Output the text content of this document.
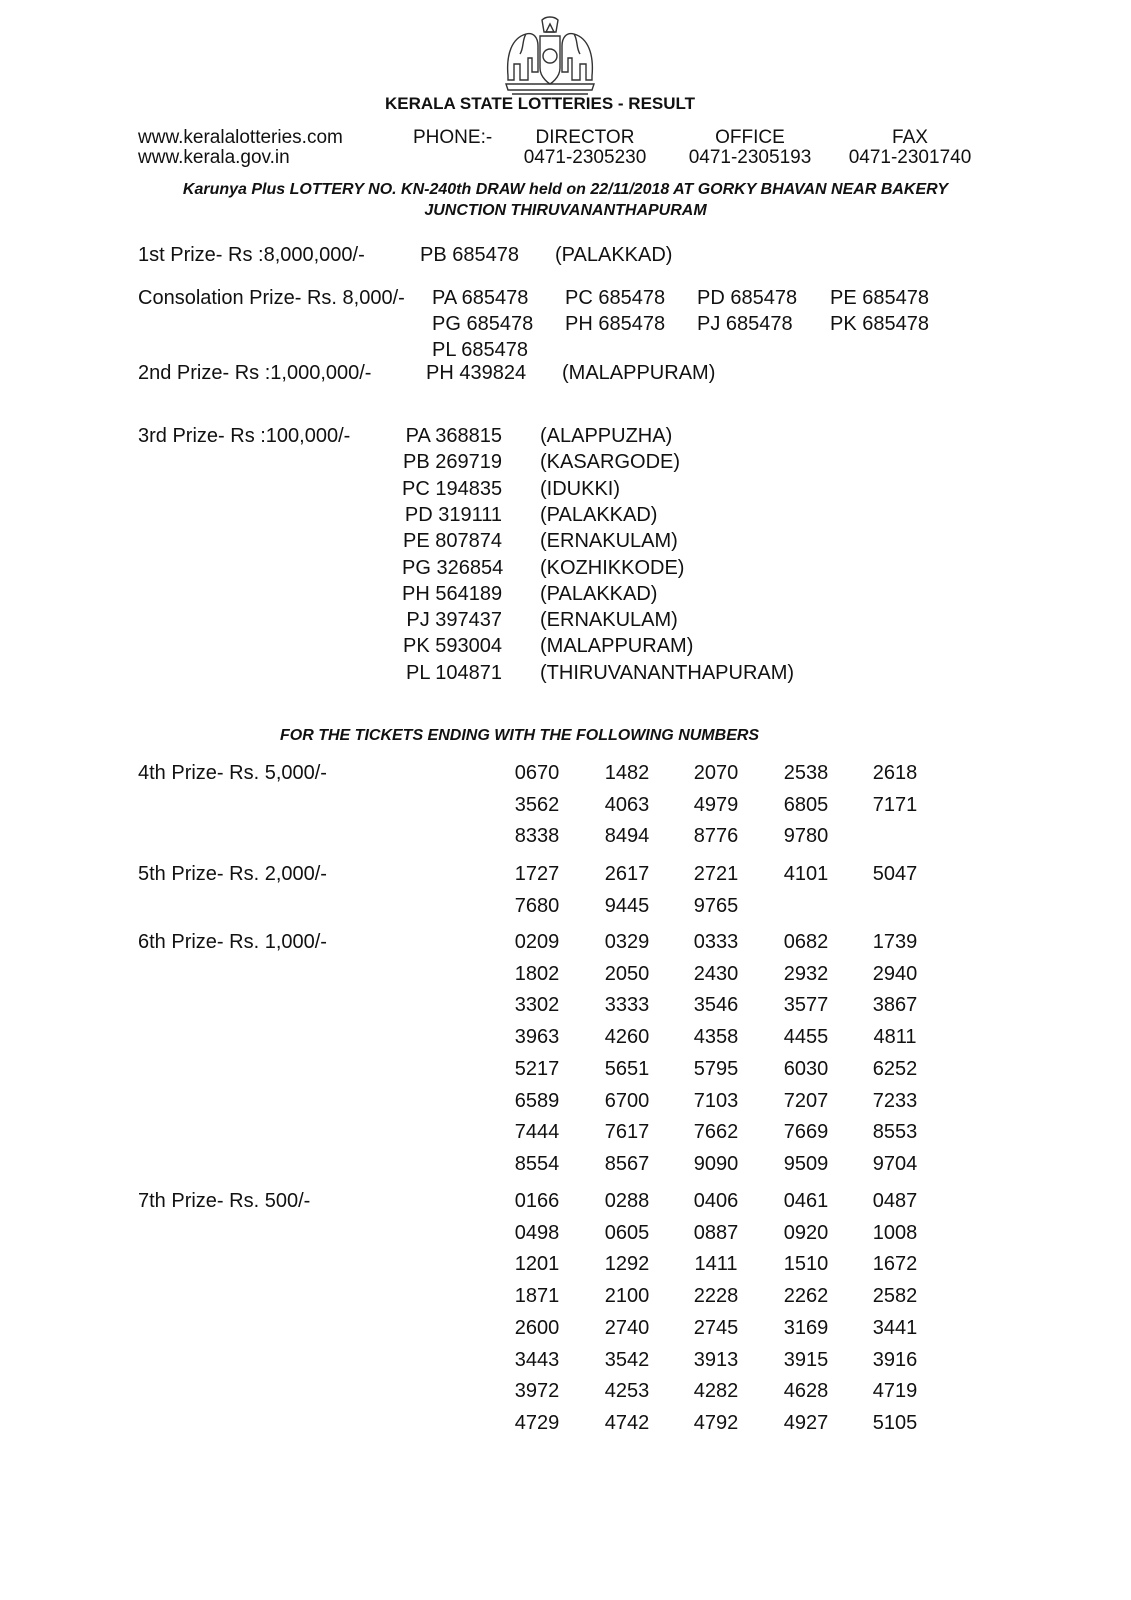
KERALA STATE LOTTERIES - RESULT
www.keralalotteries.com
www.kerala.gov.in
PHONE:-	DIRECTOR
0471-2305230
OFFICE
0471-2305193
FAX
0471-2301740
Karunya Plus LOTTERY NO. KN-240th DRAW held on 22/11/2018 AT GORKY BHAVAN NEAR BAKERY
JUNCTION THIRUVANANTHAPURAM
1st Prize- Rs :8,000,000/-	PB 685478 (PALAKKAD)
Consolation Prize- Rs. 8,000/- PA 685478 PC 685478 PD 685478 PE 685478
PG 685478 PH 685478 PJ 685478 PK 685478
PL 685478
2nd Prize- Rs :1,000,000/-	PH 439824 (MALAPPURAM)
3rd Prize- Rs :100,000/-	PA 368815 (ALAPPUZHA)
PB 269719 (KASARGODE)
PC 194835 (IDUKKI)
PD 319111 (PALAKKAD)
PE 807874 (ERNAKULAM)
PG 326854 (KOZHIKKODE)
PH 564189 (PALAKKAD)
PJ 397437 (ERNAKULAM)
PK 593004 (MALAPPURAM)
PL 104871 (THIRUVANANTHAPURAM)
FOR THE TICKETS ENDING WITH THE FOLLOWING NUMBERS
4th Prize- Rs. 5,000/-	0670	1482	2070	2538	2618
3562	4063	4979	6805	7171
8338	8494	8776	9780
5th Prize- Rs. 2,000/-	1727	2617	2721	4101	5047
7680	9445	9765
6th Prize- Rs. 1,000/-	0209	0329	0333	0682	1739
1802	2050	2430	2932	2940
3302	3333	3546	3577	3867
3963	4260	4358	4455	4811
5217	5651	5795	6030	6252
6589	6700	7103	7207	7233
7444	7617	7662	7669	8553
8554	8567	9090	9509	9704
7th Prize- Rs. 500/-	0166	0288	0406	0461	0487
0498	0605	0887	0920	1008
1201	1292	1411	1510	1672
1871	2100	2228	2262	2582
2600	2740	2745	3169	3441
3443	3542	3913	3915	3916
3972	4253	4282	4628	4719
4729	4742	4792	4927	5105
